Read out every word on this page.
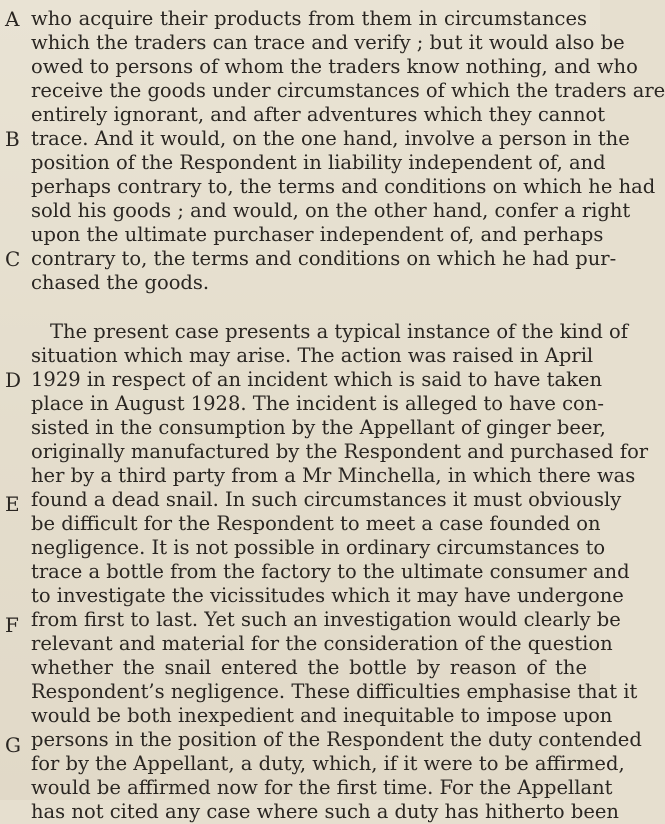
A
B
C
D
E
F
G
who acquire their products from them in circumstances
which the traders can trace and verify ; but it would also be
owed to persons of whom the traders know nothing, and who
receive the goods under circumstances of which the traders are
entirely ignorant, and after adventures which they cannot
trace. And it would, on the one hand, involve a person in the
position of the Respondent in liability independent of, and
perhaps contrary to, the terms and conditions on which he had
sold his goods ; and would, on the other hand, confer a right
upon the ultimate purchaser independent of, and perhaps
contrary to, the terms and conditions on which he had pur-
chased the goods.
The present case presents a typical instance of the kind of
situation which may arise. The action was raised in April
1929 in respect of an incident which is said to have taken
place in August 1928. The incident is alleged to have con-
sisted in the consumption by the Appellant of ginger beer,
originally manufactured by the Respondent and purchased for
her by a third party from a Mr Minchella, in which there was
found a dead snail. In such circumstances it must obviously
be difficult for the Respondent to meet a case founded on
negligence. It is not possible in ordinary circumstances to
trace a bottle from the factory to the ultimate consumer and
to investigate the vicissitudes which it may have undergone
from first to last. Yet such an investigation would clearly be
relevant and material for the consideration of the question
whether the snail entered the bottle by reason of the
Respondent’s negligence. These difficulties emphasise that it
would be both inexpedient and inequitable to impose upon
persons in the position of the Respondent the duty contended
for by the Appellant, a duty, which, if it were to be affirmed,
would be affirmed now for the first time. For the Appellant
has not cited any case where such a duty has hitherto been
